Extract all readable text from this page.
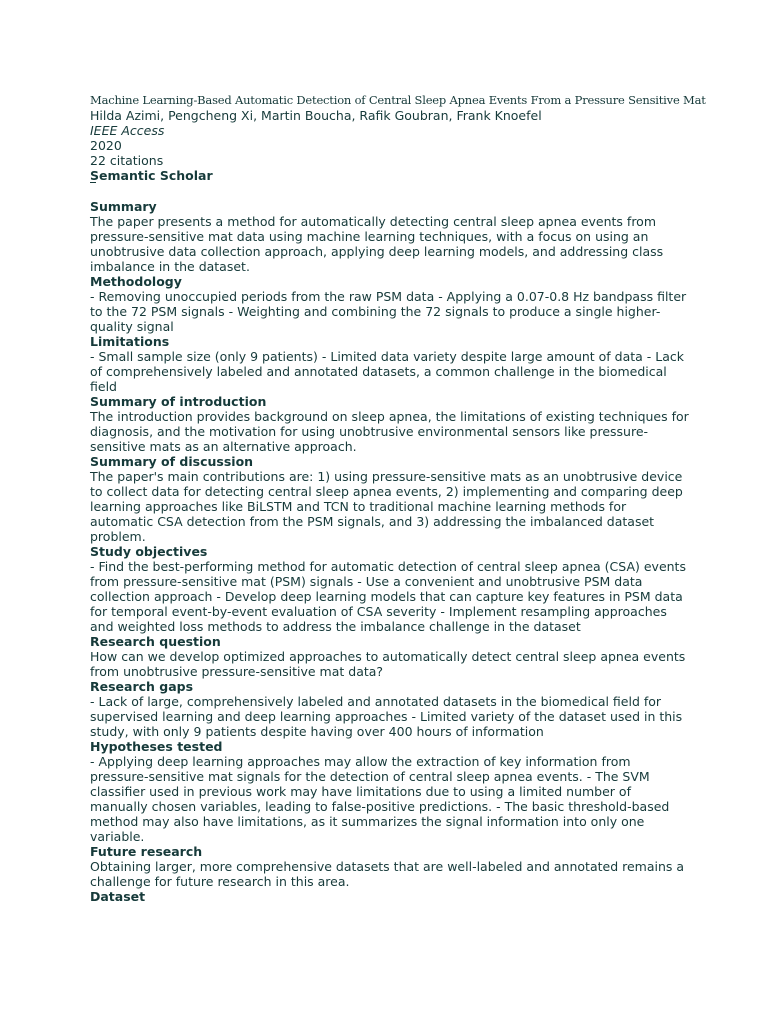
Machine Learning-Based Automatic Detection of Central Sleep Apnea Events From a Pressure Sensitive Mat
Hilda Azimi, Pengcheng Xi, Martin Boucha, Rafik Goubran, Frank Knoefel
IEEE Access
2020
22 citations
Semantic Scholar
Summary
The paper presents a method for automatically detecting central sleep apnea events from pressure-sensitive mat data using machine learning techniques, with a focus on using an unobtrusive data collection approach, applying deep learning models, and addressing class imbalance in the dataset.
Methodology
- Removing unoccupied periods from the raw PSM data - Applying a 0.07-0.8 Hz bandpass filter to the 72 PSM signals - Weighting and combining the 72 signals to produce a single higher-quality signal
Limitations
- Small sample size (only 9 patients) - Limited data variety despite large amount of data - Lack of comprehensively labeled and annotated datasets, a common challenge in the biomedical field
Summary of introduction
The introduction provides background on sleep apnea, the limitations of existing techniques for diagnosis, and the motivation for using unobtrusive environmental sensors like pressure-sensitive mats as an alternative approach.
Summary of discussion
The paper's main contributions are: 1) using pressure-sensitive mats as an unobtrusive device to collect data for detecting central sleep apnea events, 2) implementing and comparing deep learning approaches like BiLSTM and TCN to traditional machine learning methods for automatic CSA detection from the PSM signals, and 3) addressing the imbalanced dataset problem.
Study objectives
- Find the best-performing method for automatic detection of central sleep apnea (CSA) events from pressure-sensitive mat (PSM) signals - Use a convenient and unobtrusive PSM data collection approach - Develop deep learning models that can capture key features in PSM data for temporal event-by-event evaluation of CSA severity - Implement resampling approaches and weighted loss methods to address the imbalance challenge in the dataset
Research question
How can we develop optimized approaches to automatically detect central sleep apnea events from unobtrusive pressure-sensitive mat data?
Research gaps
- Lack of large, comprehensively labeled and annotated datasets in the biomedical field for supervised learning and deep learning approaches - Limited variety of the dataset used in this study, with only 9 patients despite having over 400 hours of information
Hypotheses tested
- Applying deep learning approaches may allow the extraction of key information from pressure-sensitive mat signals for the detection of central sleep apnea events. - The SVM classifier used in previous work may have limitations due to using a limited number of manually chosen variables, leading to false-positive predictions. - The basic threshold-based method may also have limitations, as it summarizes the signal information into only one variable.
Future research
Obtaining larger, more comprehensive datasets that are well-labeled and annotated remains a challenge for future research in this area.
Dataset
